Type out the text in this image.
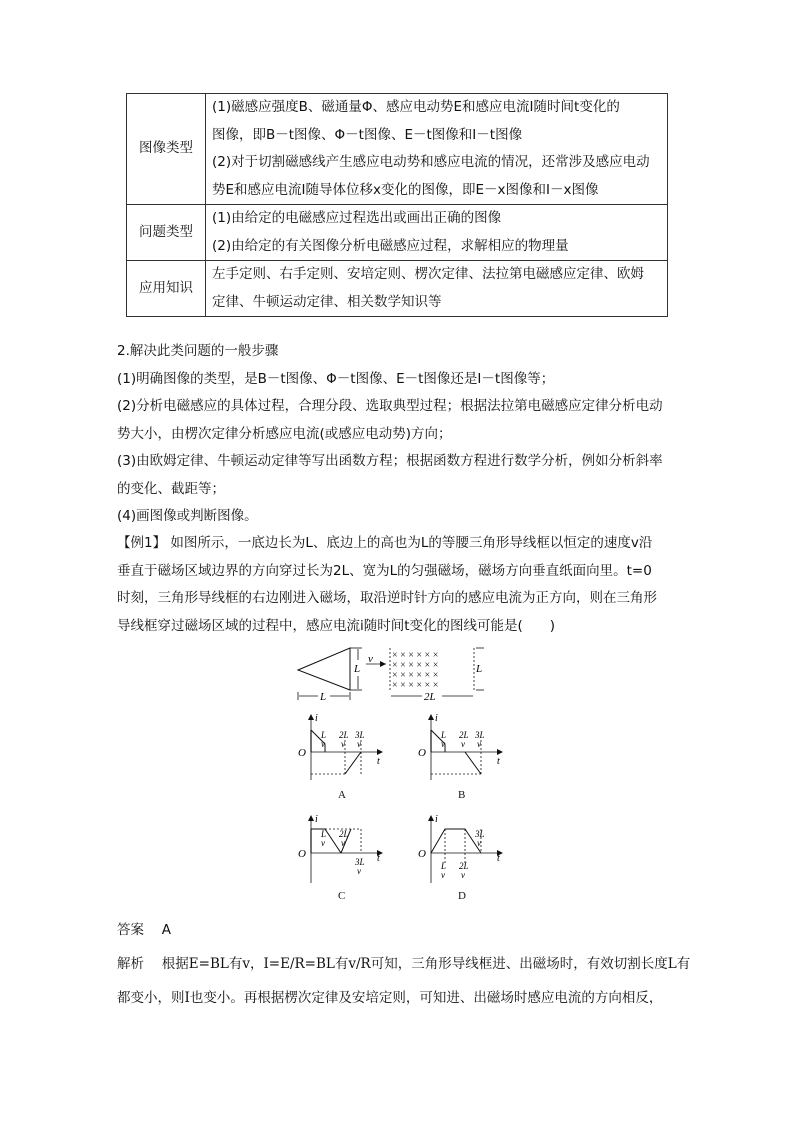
图像类型	(1)磁感应强度B、磁通量Φ、感应电动势E和感应电流I随时间t变化的
图像，即B－t图像、Φ－t图像、E－t图像和I－t图像
(2)对于切割磁感线产生感应电动势和感应电流的情况，还常涉及感应电动
势E和感应电流I随导体位移x变化的图像，即E－x图像和I－x图像

问题类型	(1)由给定的电磁感应过程选出或画出正确的图像
(2)由给定的有关图像分析电磁感应过程，求解相应的物理量

应用知识	左手定则、右手定则、安培定则、楞次定律、法拉第电磁感应定律、欧姆
定律、牛顿运动定律、相关数学知识等
2.解决此类问题的一般步骤
(1)明确图像的类型，是B－t图像、Φ－t图像、E－t图像还是I－t图像等；
(2)分析电磁感应的具体过程，合理分段、选取典型过程；根据法拉第电磁感应定律分析电动
势大小，由楞次定律分析感应电流(或感应电动势)方向；
(3)由欧姆定律、牛顿运动定律等写出函数方程；根据函数方程进行数学分析，例如分析斜率
的变化、截距等；
(4)画图像或判断图像。
【例1】 如图所示，一底边长为L、底边上的高也为L的等腰三角形导线框以恒定的速度v沿
垂直于磁场区域边界的方向穿过长为2L、宽为L的匀强磁场，磁场方向垂直纸面向里。t=0
时刻，三角形导线框的右边刚进入磁场，取沿逆时针方向的感应电流为正方向，则在三角形
导线框穿过磁场区域的过程中，感应电流i随时间t变化的图线可能是(　　)
L
L
v × × × × × ×
× × × × × ×
× × × × × ×
× × × × × ×
L
2L
i
t
O
L
v
2L
v
3L
v
A
i
t
O
L
v
2L
v
3L
v
B
i
t
O
L
v
2L
v
3L
v
C
i
t
O
L
v
2L
v
3L
v
D
答案　 A
解析　 根据E=BL有v，I=E/R=BL有v/R可知，三角形导线框进、出磁场时，有效切割长度L有
都变小，则I也变小。再根据楞次定律及安培定则，可知进、出磁场时感应电流的方向相反，
